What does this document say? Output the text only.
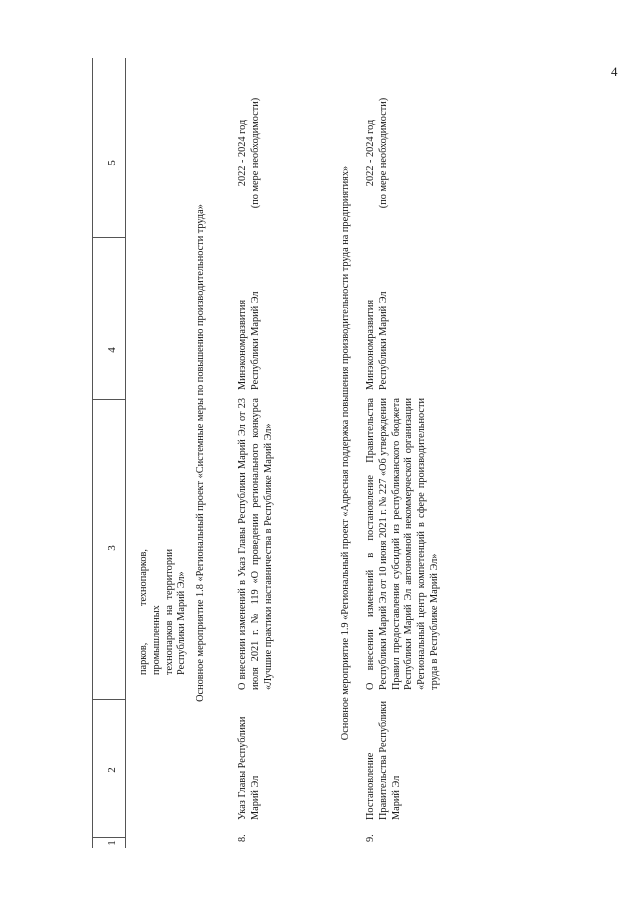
4
1
2
3
4
5
парков, технопарков, промышленных технопарков на территории Республики Марий Эл» Основное мероприятие 1.8 «Региональный проект «Системные меры по повышению производительности труда»
8.
Указ Главы Республики Марий Эл
О внесении изменений в Указ Главы Республики Марий Эл от 23 июля 2021 г. № 119 «О проведении регионального конкурса «Лучшие практики наставничества в Республике Марий Эл»
Минэкономразвития Республики Марий Эл
2022 - 2024 год (по мере необходимости)
Основное мероприятие 1.9 «Региональный проект «Адресная поддержка повышения производительности труда на предприятиях»
9.
Постановление Правительства Республики Марий Эл
О внесении изменений в постановление Правительства Республики Марий Эл от 10 июня 2021 г. № 227 «Об утверждении Правил предоставления субсидий из республиканского бюджета Республики Марий Эл автономной некоммерческой организации «Региональный центр компетенций в сфере производительности труда в Республике Марий Эл»
Минэкономразвития Республики Марий Эл
2022 - 2024 год (по мере необходимости)
